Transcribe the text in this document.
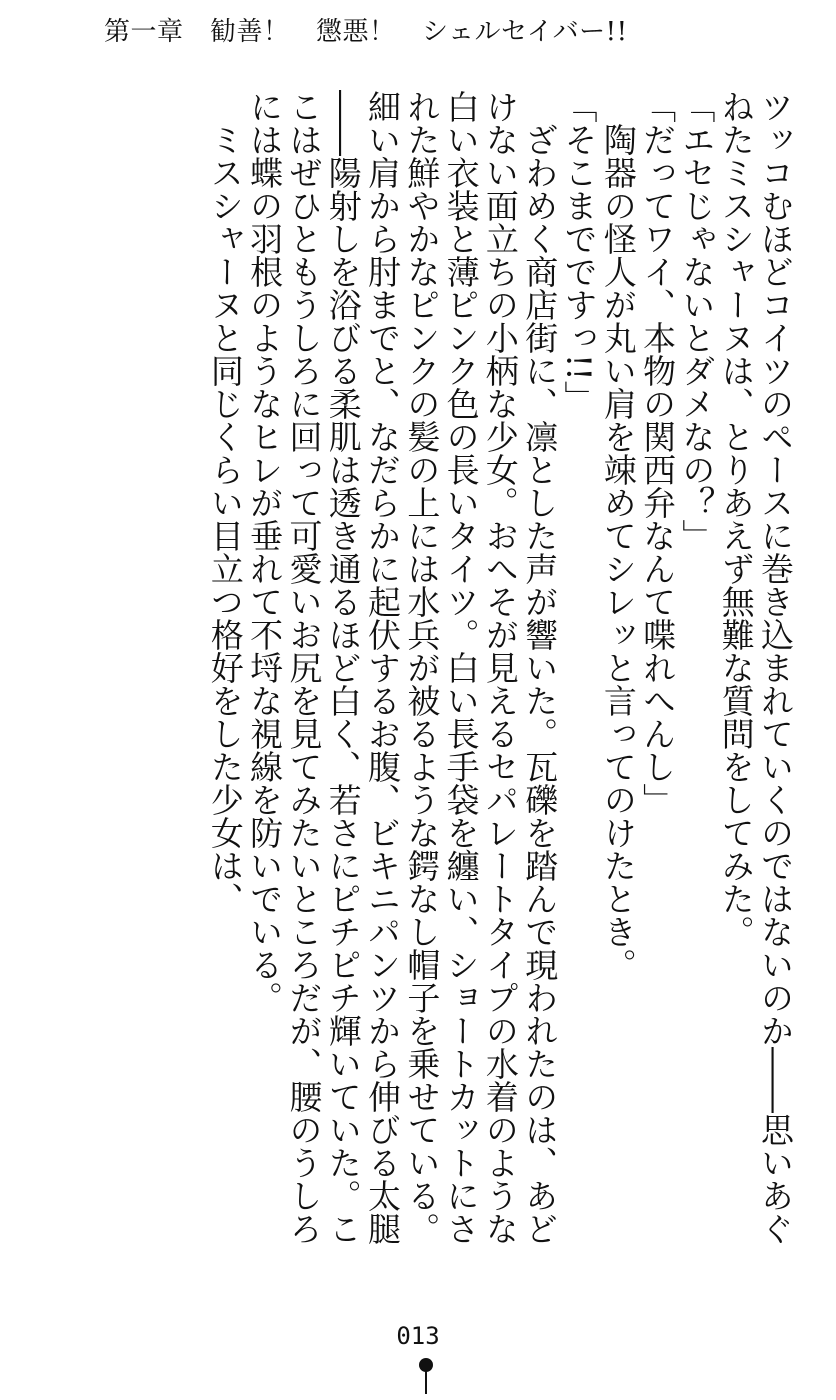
第一章　勧善！　懲悪！　シェルセイバー!!

ツッコむほどコイツのペースに巻き込まれていくのではないのか――思いあぐねたミスシャーヌは、とりあえず無難な質問をしてみた。

「エセじゃないとダメなの？」

「だってワイ、本物の関西弁なんて喋れへんし」

陶器の怪人が丸い肩を竦めてシレッと言ってのけたとき。

「そこまでですっ!!」

ざわめく商店街に、凛とした声が響いた。瓦礫を踏んで現われたのは、あどけない面立ちの小柄な少女。おへそが見えるセパレートタイプの水着のような白い衣装と薄ピンク色の長いタイツ。白い長手袋を纏い、ショートカットにされた鮮やかなピンクの髪の上には水兵が被るような鍔なし帽子を乗せている。細い肩から肘までと、なだらかに起伏するお腹、ビキニパンツから伸びる太腿――陽射しを浴びる柔肌は透き通るほど白く、若さにピチピチ輝いていた。ここはぜひともうしろに回って可愛いお尻を見てみたいところだが、腰のうしろには蝶の羽根のようなヒレが垂れて不埒な視線を防いでいる。

ミスシャーヌと同じくらい目立つ格好をした少女は、

013
